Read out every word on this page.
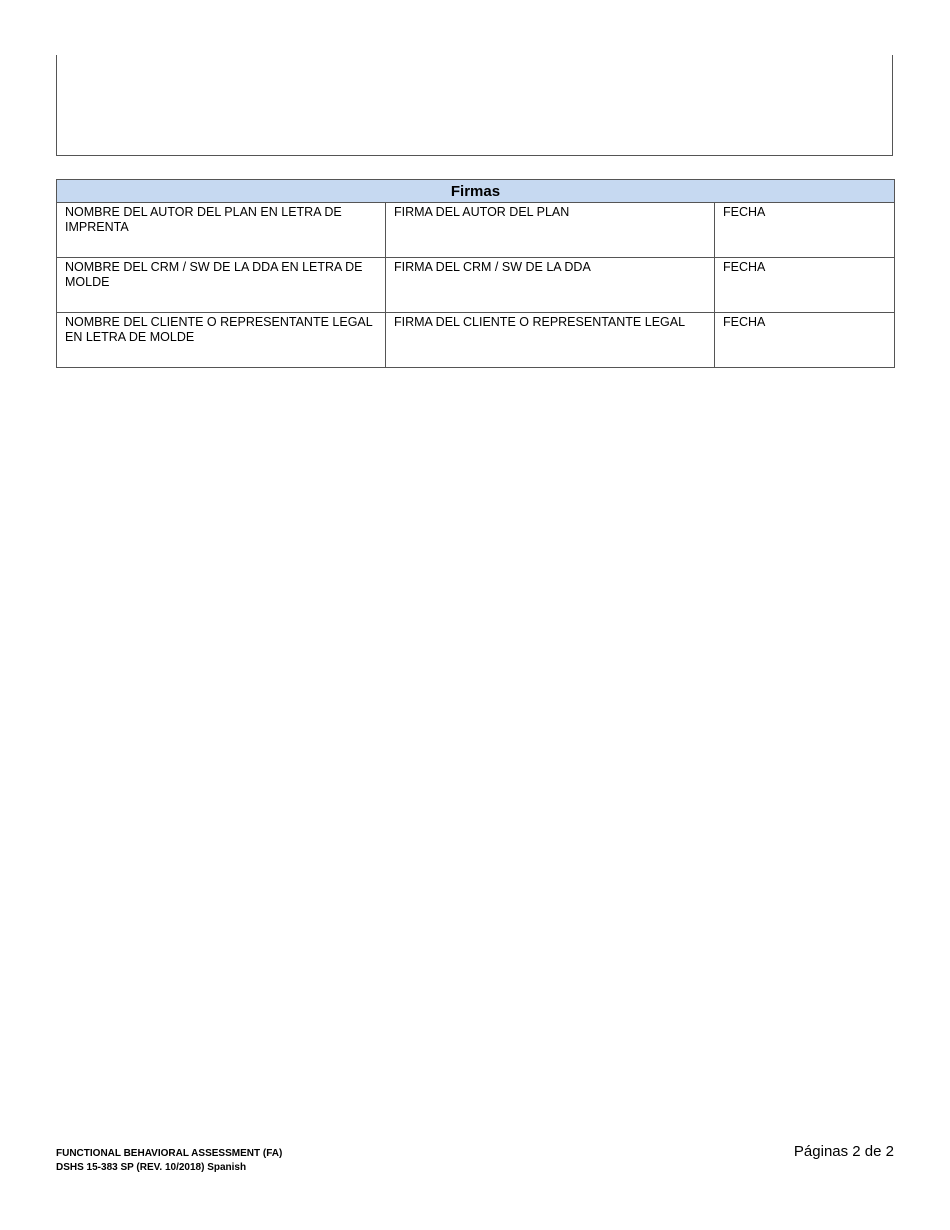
Firmas		
NOMBRE DEL AUTOR DEL PLAN EN LETRA DE IMPRENTA	FIRMA DEL AUTOR DEL PLAN	FECHA
NOMBRE DEL CRM / SW DE LA DDA EN LETRA DE MOLDE	FIRMA DEL CRM / SW DE LA DDA	FECHA
NOMBRE DEL CLIENTE O REPRESENTANTE LEGAL EN LETRA DE MOLDE	FIRMA DEL CLIENTE O REPRESENTANTE LEGAL	FECHA
FUNCTIONAL BEHAVIORAL ASSESSMENT (FA)
DSHS 15-383 SP (REV. 10/2018) Spanish
Páginas 2 de 2
